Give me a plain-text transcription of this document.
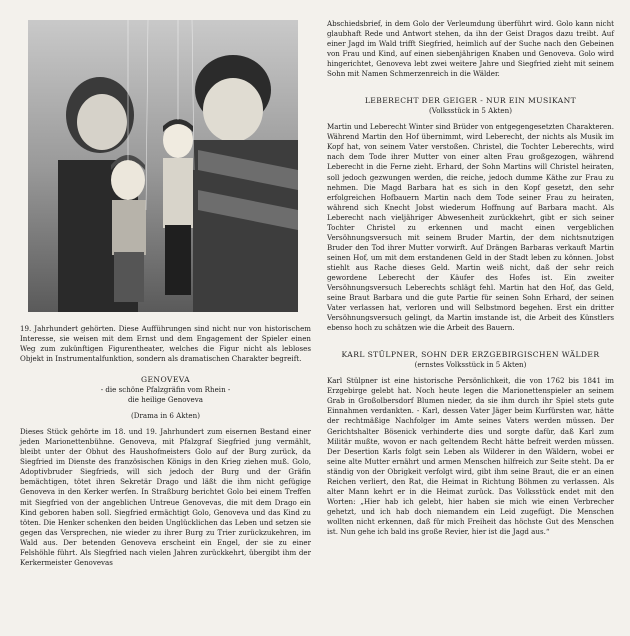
19. Jahrhundert gehörten. Diese Aufführungen sind nicht nur von historischem Interesse, sie weisen mit dem Ernst und dem Engagement der Spieler einen Weg zum zukünftigen Figurentheater, welches die Figur nicht als lebloses Objekt in Instrumentalfunktion, sondern als dramatischen Charakter begreift.

GENOVEVA

- die schöne Pfalzgräfin vom Rhein -

die heilige Genoveva

(Drama in 6 Akten)

Dieses Stück gehörte im 18. und 19. Jahrhundert zum eisernen Bestand einer jeden Marionettenbühne. Genoveva, mit Pfalzgraf Siegfried jung vermählt, bleibt unter der Obhut des Haushofmeisters Golo auf der Burg zurück, da Siegfried im Dienste des französischen Königs in den Krieg ziehen muß. Golo, Adoptivbruder Siegfrieds, will sich jedoch der Burg und der Gräfin bemächtigen, tötet ihren Sekretär Drago und läßt die ihm nicht gefügige Genoveva in den Kerker werfen. In Straßburg berichtet Golo bei einem Treffen mit Siegfried von der angeblichen Untreue Genovevas, die mit dem Drago ein Kind geboren haben soll. Siegfried ermächtigt Golo, Genoveva und das Kind zu töten. Die Henker schenken den beiden Unglücklichen das Leben und setzen sie gegen das Versprechen, nie wieder zu ihrer Burg zu Trier zurückzukehren, im Wald aus. Der betenden Genoveva erscheint ein Engel, der sie zu einer Felshöhle führt. Als Siegfried nach vielen Jahren zurückkehrt, übergibt ihm der Kerkermeister Genovevas

Abschiedsbrief, in dem Golo der Verleumdung überführt wird. Golo kann nicht glaubhaft Rede und Antwort stehen, da ihn der Geist Dragos dazu treibt. Auf einer Jagd im Wald trifft Siegfried, heimlich auf der Suche nach den Gebeinen von Frau und Kind, auf einen siebenjährigen Knaben und Genoveva. Golo wird hingerichtet, Genoveva lebt zwei weitere Jahre und Siegfried zieht mit seinem Sohn mit Namen Schmerzenreich in die Wälder.

LEBERECHT DER GEIGER - NUR EIN MUSIKANT

(Volksstück in 5 Akten)

Martin und Leberecht Winter sind Brüder von entgegengesetzten Charakteren. Während Martin den Hof übernimmt, wird Leberecht, der nichts als Musik im Kopf hat, von seinem Vater verstoßen. Christel, die Tochter Leberechts, wird nach dem Tode ihrer Mutter von einer alten Frau großgezogen, während Leberecht in die Ferne zieht. Erhard, der Sohn Martins will Christel heiraten, soll jedoch gezwungen werden, die reiche, jedoch dumme Käthe zur Frau zu nehmen. Die Magd Barbara hat es sich in den Kopf gesetzt, den sehr erfolgreichen Hofbauern Martin nach dem Tode seiner Frau zu heiraten, während sich Knecht Jobst wiederum Hoffnung auf Barbara macht. Als Leberecht nach vieljähriger Abwesenheit zurückkehrt, gibt er sich seiner Tochter Christel zu erkennen und macht einen vergeblichen Versöhnungsversuch mit seinem Bruder Martin, der dem nichtsnutzigen Bruder den Tod ihrer Mutter vorwirft. Auf Drängen Barbaras verkauft Martin seinen Hof, um mit dem erstandenen Geld in der Stadt leben zu können. Jobst stiehlt aus Rache dieses Geld. Martin weiß nicht, daß der sehr reich gewordene Leberecht der Käufer des Hofes ist. Ein zweiter Versöhnungsversuch Leberechts schlägt fehl. Martin hat den Hof, das Geld, seine Braut Barbara und die gute Partie für seinen Sohn Erhard, der seinen Vater verlassen hat, verloren und will Selbstmord begehen. Erst ein dritter Versöhnungsversuch gelingt, da Martin imstande ist, die Arbeit des Künstlers ebenso hoch zu schätzen wie die Arbeit des Bauern.

KARL STÜLPNER, SOHN DER ERZGEBIRGISCHEN WÄLDER

(ernstes Volksstück in 5 Akten)

Karl Stülpner ist eine historische Persönlichkeit, die von 1762 bis 1841 im Erzgebirge gelebt hat. Noch heute legen die Marionettenspieler an seinem Grab in Großolbersdorf Blumen nieder, da sie ihm durch ihr Spiel stets gute Einnahmen verdankten. - Karl, dessen Vater Jäger beim Kurfürsten war, hätte der rechtmäßige Nachfolger im Amte seines Vaters werden müssen. Der Gerichtshalter Bösenick verhinderte dies und sorgte dafür, daß Karl zum Militär mußte, wovon er nach geltendem Recht hätte befreit werden müssen. Der Desertion Karls folgt sein Leben als Wilderer in den Wäldern, wobei er seine alte Mutter ernährt und armen Menschen hilfreich zur Seite steht. Da er ständig von der Obrigkeit verfolgt wird, gibt ihm seine Braut, die er an einen Reichen verliert, den Rat, die Heimat in Richtung Böhmen zu verlassen. Als alter Mann kehrt er in die Heimat zurück. Das Volksstück endet mit den Worten: „Hier hab ich gelebt, hier haben sie mich wie einen Verbrecher gehetzt, und ich hab doch niemandem ein Leid zugefügt. Die Menschen wollten nicht erkennen, daß für mich Freiheit das höchste Gut des Menschen ist. Nun gehe ich bald ins große Revier, hier ist die Jagd aus.“
